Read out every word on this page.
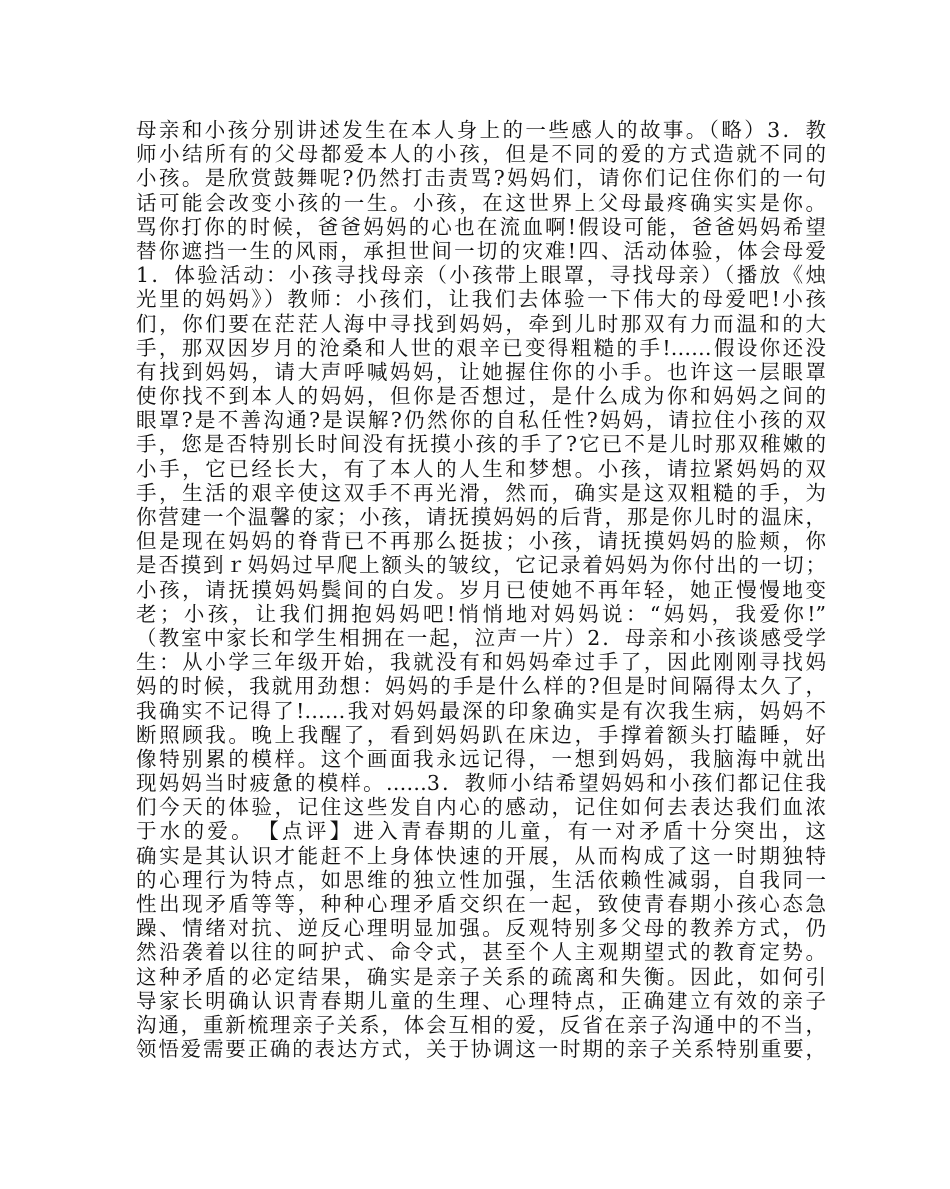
母亲和小孩分别讲述发生在本人身上的一些感人的故事。（略）3．教
师小结所有的父母都爱本人的小孩，但是不同的爱的方式造就不同的
小孩。是欣赏鼓舞呢?仍然打击责骂?妈妈们，请你们记住你们的一句
话可能会改变小孩的一生。小孩，在这世界上父母最疼确实实是你。
骂你打你的时候，爸爸妈妈的心也在流血啊!假设可能，爸爸妈妈希望
替你遮挡一生的风雨，承担世间一切的灾难!四、活动体验，体会母爱
1．体验活动：小孩寻找母亲（小孩带上眼罩，寻找母亲）（播放《烛
光里的妈妈》）教师：小孩们，让我们去体验一下伟大的母爱吧!小孩
们，你们要在茫茫人海中寻找到妈妈，牵到儿时那双有力而温和的大
手，那双因岁月的沧桑和人世的艰辛已变得粗糙的手!……假设你还没
有找到妈妈，请大声呼喊妈妈，让她握住你的小手。也许这一层眼罩
使你找不到本人的妈妈，但你是否想过，是什么成为你和妈妈之间的
眼罩?是不善沟通?是误解?仍然你的自私任性?妈妈，请拉住小孩的双
手，您是否特别长时间没有抚摸小孩的手了?它已不是儿时那双稚嫩的
小手，它已经长大，有了本人的人生和梦想。小孩，请拉紧妈妈的双
手，生活的艰辛使这双手不再光滑，然而，确实是这双粗糙的手，为
你营建一个温馨的家；小孩，请抚摸妈妈的后背，那是你儿时的温床，
但是现在妈妈的脊背已不再那么挺拔；小孩，请抚摸妈妈的脸颊，你
是否摸到ｒ妈妈过早爬上额头的皱纹，它记录着妈妈为你付出的一切；
小孩，请抚摸妈妈鬓间的白发。岁月已使她不再年轻，她正慢慢地变
老；小孩，让我们拥抱妈妈吧!悄悄地对妈妈说：“妈妈，我爱你!”
（教室中家长和学生相拥在一起，泣声一片）2．母亲和小孩谈感受学
生：从小学三年级开始，我就没有和妈妈牵过手了，因此刚刚寻找妈
妈的时候，我就用劲想：妈妈的手是什么样的?但是时间隔得太久了，
我确实不记得了!……我对妈妈最深的印象确实是有次我生病，妈妈不
断照顾我。晚上我醒了，看到妈妈趴在床边，手撑着额头打瞌睡，好
像特别累的模样。这个画面我永远记得，一想到妈妈，我脑海中就出
现妈妈当时疲惫的模样。……3．教师小结希望妈妈和小孩们都记住我
们今天的体验，记住这些发自内心的感动，记住如何去表达我们血浓
于水的爱。　【点评】进入青春期的儿童，有一对矛盾十分突出，这
确实是其认识才能赶不上身体快速的开展，从而构成了这一时期独特
的心理行为特点，如思维的独立性加强，生活依赖性减弱，自我同一
性出现矛盾等等，种种心理矛盾交织在一起，致使青春期小孩心态急
躁、情绪对抗、逆反心理明显加强。反观特别多父母的教养方式，仍
然沿袭着以往的呵护式、命令式，甚至个人主观期望式的教育定势。
这种矛盾的必定结果，确实是亲子关系的疏离和失衡。因此，如何引
导家长明确认识青春期儿童的生理、心理特点，正确建立有效的亲子
沟通，重新梳理亲子关系，体会互相的爱，反省在亲子沟通中的不当，
领悟爱需要正确的表达方式，关于协调这一时期的亲子关系特别重要，
